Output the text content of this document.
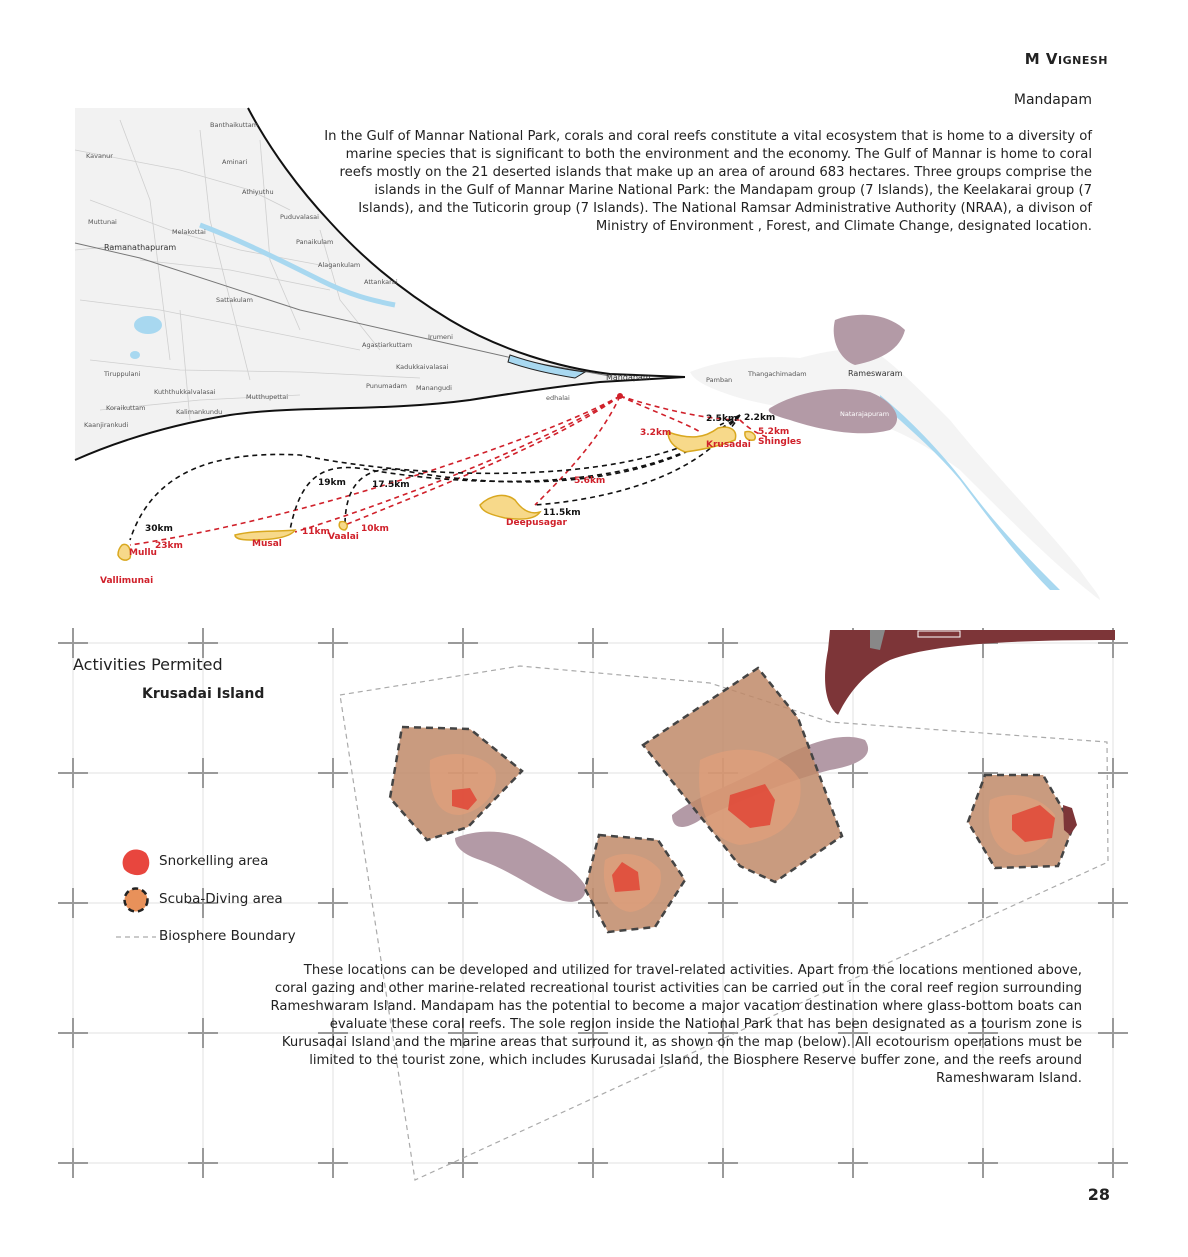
M Vignesh
Mandapam
In the Gulf of Mannar National Park, corals and coral reefs constitute a vital ecosystem that is home to a diversity of marine species that is significant to both the environment and the economy. The Gulf of Mannar is home to coral reefs mostly on the 21 deserted islands that make up an area of around 683 hectares. Three groups comprise the islands in the Gulf of Mannar Marine National Park: the Mandapam group (7 Islands), the Keelakarai group (7 Islands), and the Tuticorin group (7 Islands). The National Ramsar Administrative Authority (NRAA), a divison of Ministry of Environment , Forest, and Climate Change, designated location.
Banthaikuttam
Kavanur
Aminari
Athiyuthu
Muttunai
Melakottai
Puduvalasai
Panaikulam
Ramanathapuram
Alagankulam
Attankarai
Sattakulam
Irumeni
Agastiarkuttam
Kadukkaivalasai
Tiruppulani
Punumadam Manangudi
Kuththukkalvalasai
Mutthupettai
Koraikuttam	Kalimankundu
Kaanjirankudi
edhalai
Thangachimadam
Natarajapuram
Mandapam	Pamban
Rameswaram
Krusadai Shingles
Deepusagar
Vaalai
Musal
Mullu
Vallimunai
3.2km	5.2km
5.6km
10km
11km
23km
2.5km 2.2km
19km	17.5km
11.5km
30km
Activities Permited
Krusadai Island
Snorkelling area
Scuba-Diving area
Biosphere Boundary
These locations can be developed and utilized for travel-related activities. Apart from the locations mentioned above, coral gazing and other marine-related recreational tourist activities can be carried out in the coral reef region surrounding Rameshwaram Island. Mandapam has the potential to become a major vacation destination where glass-bottom boats can evaluate these coral reefs. The sole region inside the National Park that has been designated as a tourism zone is Kurusadai Island and the marine areas that surround it, as shown on the map (below). All ecotourism operations must be limited to the tourist zone, which includes Kurusadai Island, the Biosphere Reserve buffer zone, and the reefs around Rameshwaram Island.
28
